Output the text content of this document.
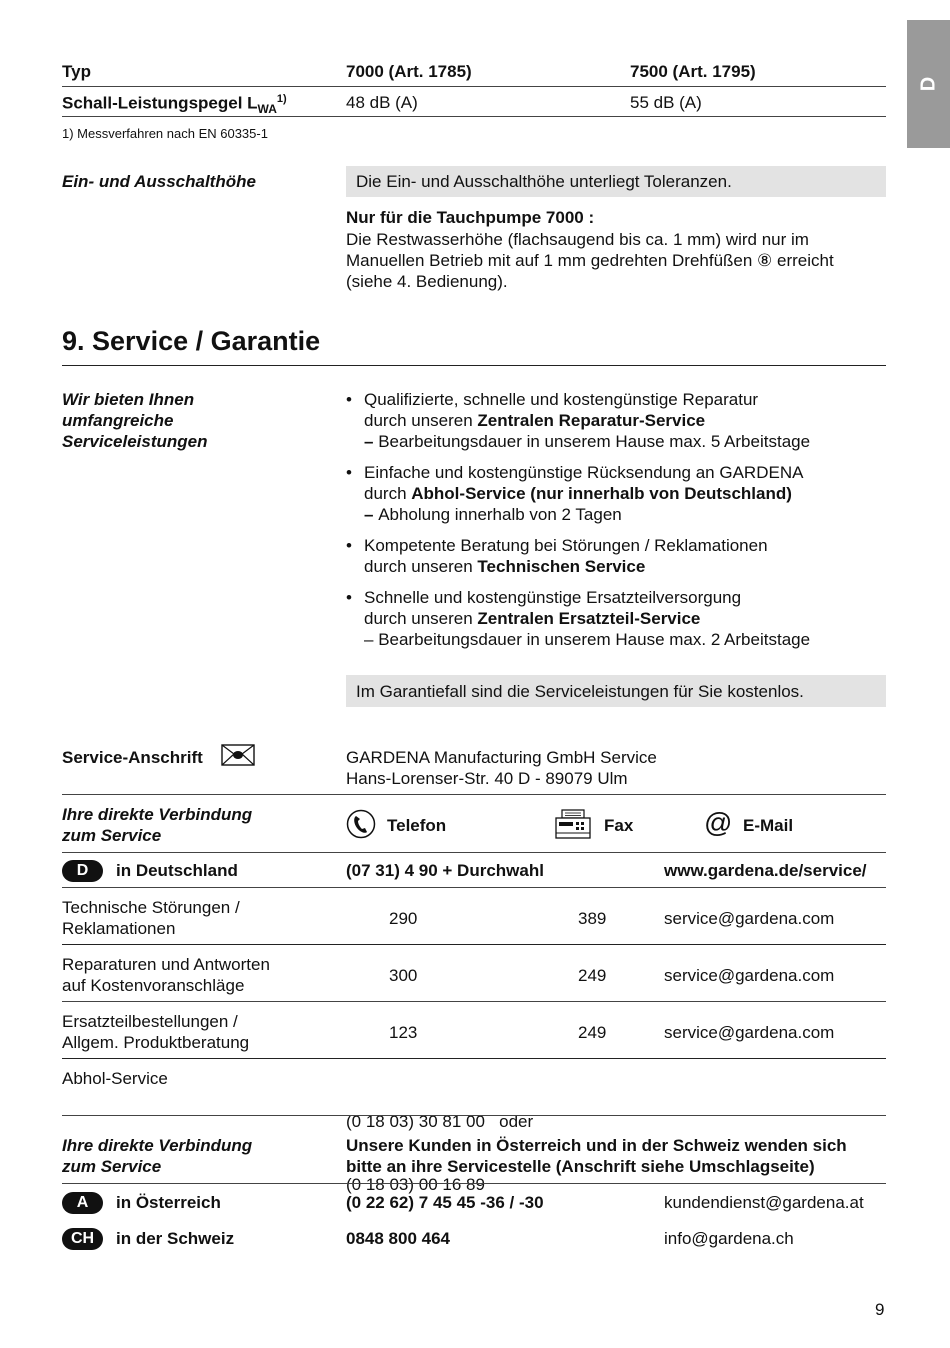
D
Typ	7000 (Art. 1785)	7500 (Art. 1795)
Schall-Leistungspegel $L_{WA}^{1)}$	48 dB (A)	55 dB (A)
1) Messverfahren nach EN 60335-1
Ein- und Ausschalthöhe	Die Ein- und Ausschalthöhe unterliegt Toleranzen.
Nur für die Tauchpumpe 7000 :
Die Restwasserhöhe (flachsaugend bis ca. 1 mm) wird nur im
Manuellen Betrieb mit auf 1 mm gedrehten Drehfüßen ⑧ erreicht
(siehe 4. Bedienung).
9. Service / Garantie
Wir bieten Ihnen
umfangreiche
Serviceleistungen
• Qualifizierte, schnelle und kostengünstige Reparatur
durch unseren Zentralen Reparatur-Service
– Bearbeitungsdauer in unserem Hause max. 5 Arbeitstage
• Einfache und kostengünstige Rücksendung an GARDENA
durch Abhol-Service (nur innerhalb von Deutschland)
– Abholung innerhalb von 2 Tagen
• Kompetente Beratung bei Störungen / Reklamationen
durch unseren Technischen Service
• Schnelle und kostengünstige Ersatzteilversorgung
durch unseren Zentralen Ersatzteil-Service
– Bearbeitungsdauer in unserem Hause max. 2 Arbeitstage
Im Garantiefall sind die Serviceleistungen für Sie kostenlos.
Service-Anschrift	GARDENA Manufacturing GmbH Service
Hans-Lorenser-Str. 40 D - 89079 Ulm
Ihre direkte Verbindung
zum Service
Telefon	Fax	@ E-Mail
D	in Deutschland	(07 31) 4 90 + Durchwahl	www.gardena.de/service/
Technische Störungen /
Reklamationen
290	389	service@gardena.com
Reparaturen und Antworten
auf Kostenvoranschläge
300	249	service@gardena.com
Ersatzteilbestellungen /
Allgem. Produktberatung
123	249	service@gardena.com
Abhol-Service

(0 18 03) 30 81 00   oder

(0 18 03) 00 16 89

Ihre direkte Verbindung
zum Service
Unsere Kunden in Österreich und in der Schweiz wenden sich
bitte an ihre Servicestelle (Anschrift siehe Umschlagseite)
A	in Österreich	(0 22 62) 7 45 45 -36 / -30	kundendienst@gardena.at
CH	in der Schweiz	0848 800 464	info@gardena.ch
9
